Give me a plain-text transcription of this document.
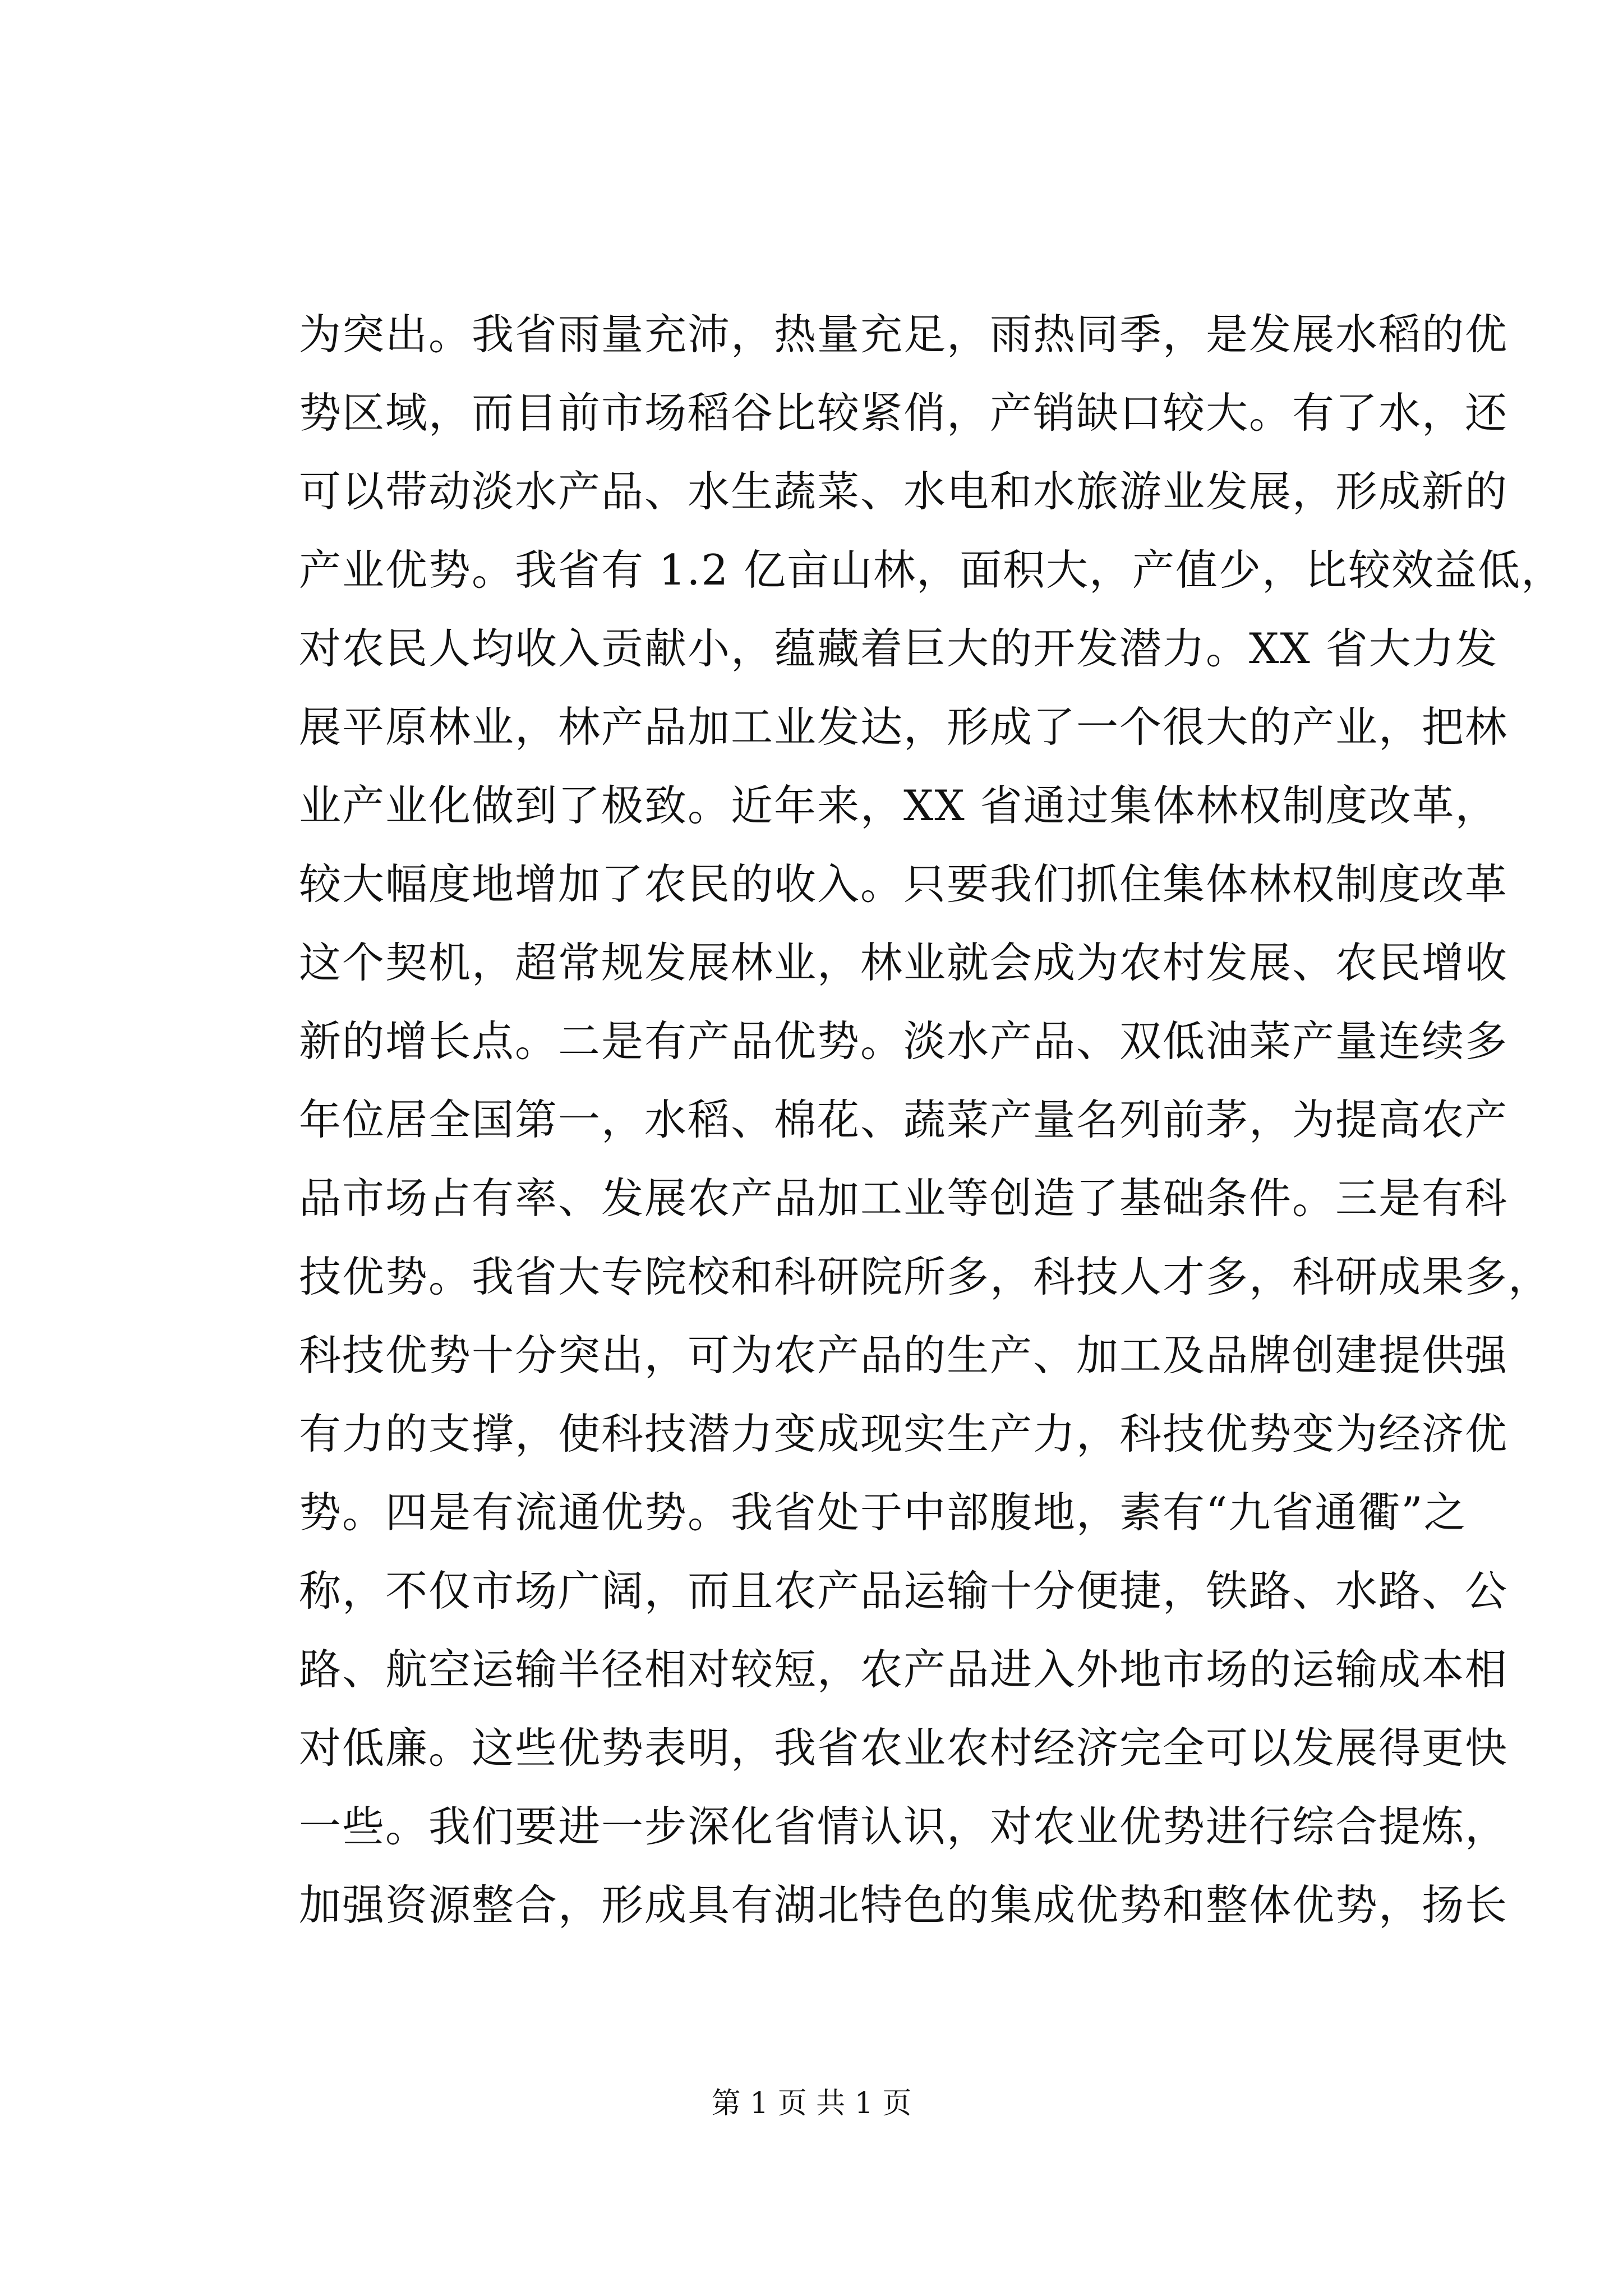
为突出。我省雨量充沛，热量充足，雨热同季，是发展水稻的优
势区域，而目前市场稻谷比较紧俏，产销缺口较大。有了水，还
可以带动淡水产品、水生蔬菜、水电和水旅游业发展，形成新的
产业优势。我省有 1.2 亿亩山林，面积大，产值少，比较效益低，
对农民人均收入贡献小，蕴藏着巨大的开发潜力。XX 省大力发
展平原林业，林产品加工业发达，形成了一个很大的产业，把林
业产业化做到了极致。近年来，XX 省通过集体林权制度改革，
较大幅度地增加了农民的收入。只要我们抓住集体林权制度改革
这个契机，超常规发展林业，林业就会成为农村发展、农民增收
新的增长点。二是有产品优势。淡水产品、双低油菜产量连续多
年位居全国第一，水稻、棉花、蔬菜产量名列前茅，为提高农产
品市场占有率、发展农产品加工业等创造了基础条件。三是有科
技优势。我省大专院校和科研院所多，科技人才多，科研成果多，
科技优势十分突出，可为农产品的生产、加工及品牌创建提供强
有力的支撑，使科技潜力变成现实生产力，科技优势变为经济优
势。四是有流通优势。我省处于中部腹地，素有“九省通衢”之
称，不仅市场广阔，而且农产品运输十分便捷，铁路、水路、公
路、航空运输半径相对较短，农产品进入外地市场的运输成本相
对低廉。这些优势表明，我省农业农村经济完全可以发展得更快
一些。我们要进一步深化省情认识，对农业优势进行综合提炼，
加强资源整合，形成具有湖北特色的集成优势和整体优势，扬长
第 1 页 共 1 页
